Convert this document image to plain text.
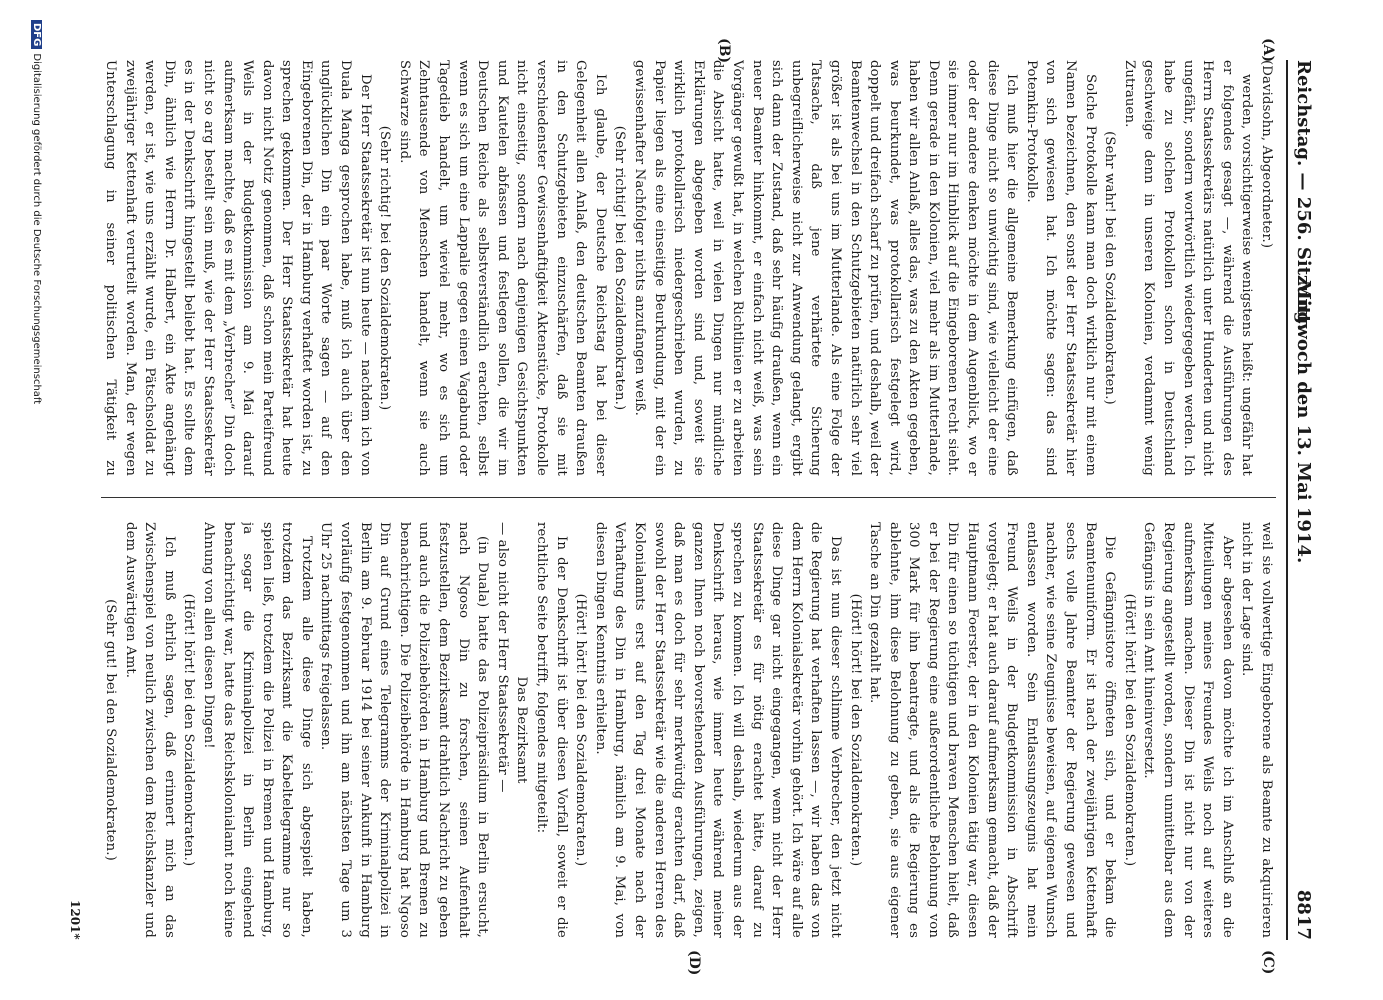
Reichstag. — 256. Sitzung.
Mittwoch den 13. Mai 1914.
8817
(A)
(B)
(C)
(D)

(Davidsohn, Abgeordneter.)

werden, vorsichtigerweise wenigstens heißt: ungefähr hat er folgendes gesagt —, während die Ausführungen des Herrn Staatssekretärs natürlich unter Hunderten und nicht ungefähr, sondern wortwörtlich wiedergegeben werden. Ich habe zu solchen Protokollen schon in Deutschland geschweige denn in unseren Kolonien, verdammt wenig Zutrauen.

(Sehr wahr! bei den Sozialdemokraten.)

Solche Protokolle kann man doch wirklich nur mit einem Namen bezeichnen, den sonst der Herr Staatssekretär hier von sich gewiesen hat. Ich möchte sagen: das sind Potemkin-Protokolle.

Ich muß hier die allgemeine Bemerkung einfügen, daß diese Dinge nicht so unwichtig sind, wie vielleicht der eine oder der andere denken möchte in dem Augenblick, wo er sie immer nur im Hinblick auf die Eingeborenen recht sieht. Denn gerade in den Kolonien, viel mehr als im Mutterlande, haben wir allen Anlaß, alles das, was zu den Akten gegeben, was beurkundet, was protokollarisch festgelegt wird, doppelt und dreifach scharf zu prüfen, und deshalb, weil der Beamtenwechsel in den Schutzgebieten natürlich sehr viel größer ist als bei uns im Mutterlande. Als eine Folge der Tatsache, daß jene verhärtete Sicherung unbegreiflicherweise nicht zur Anwendung gelangt, ergibt sich dann der Zustand, daß sehr häufig draußen, wenn ein neuer Beamter hinkommt, er einfach nicht weiß, was sein Vorgänger gewußt hat, in welchen Richtlinien er zu arbeiten die Absicht hatte, weil in vielen Dingen nur mündliche Erklärungen abgegeben worden sind und, soweit sie wirklich protokollarisch niedergeschrieben wurden, zu Papier liegen als eine einseitige Beurkundung, mit der ein gewissenhafter Nachfolger nichts anzufangen weiß.

(Sehr richtig! bei den Sozialdemokraten.)

Ich glaube, der Deutsche Reichstag hat bei dieser Gelegenheit allen Anlaß, den deutschen Beamten draußen in den Schutzgebieten einzuschärfen, daß sie mit verschiedenster Gewissenhaftigkeit Aktenstücke, Protokolle nicht einseitig, sondern nach denjenigen Gesichtspunkten und Kautelen abfassen und festlegen sollen, die wir im Deutschen Reiche als selbstverständlich erachten, selbst wenn es sich um eine Lappalie gegen einen Vagabund oder Tagedieb handelt, um wieviel mehr, wo es sich um Zehntausende von Menschen handelt, wenn sie auch Schwarze sind.

(Sehr richtig! bei den Sozialdemokraten.)

Der Herr Staatssekretär ist nun heute — nachdem ich von Duala Manga gesprochen habe, muß ich auch über den unglücklichen Din ein paar Worte sagen — auf den Eingeborenen Din, der in Hamburg verhaftet worden ist, zu sprechen gekommen. Der Herr Staatssekretär hat heute davon nicht Notiz genommen, daß schon mein Parteifreund Weils in der Budgetkommission am 9. Mai darauf aufmerksam machte, daß es mit dem „Verbrecher“ Din doch nicht so arg bestellt sein muß, wie der Herr Staatssekretär es in der Denkschrift hingestellt beliebt hat. Es sollte dem Din, ähnlich wie Herrn Dr. Halbert, ein Akte angehängt werden, er ist, wie uns erzählt wurde, ein Pätschsoldat zu zweijähriger Kettenhaft verurteilt worden. Man, der wegen Unterschlagung in seiner politischen Tätigkeit zu

weil sie vollwertige Eingeborene als Beamte zu akquirieren nicht in der Lage sind.

Aber abgesehen davon möchte ich im Anschluß an die Mitteilungen meines Freundes Weils noch auf weiteres aufmerksam machen. Dieser Din ist nicht nur von der Regierung angestellt worden, sondern unmittelbar aus dem Gefängnis in sein Amt hineinversetzt.

(Hört! hört! bei den Sozialdemokraten.)

Die Gefängnistore öffneten sich, und er bekam die Beamtenuniform. Er ist nach der zweijährigen Kettenhaft sechs volle Jahre Beamter der Regierung gewesen und nachher, wie seine Zeugnisse beweisen, auf eigenen Wunsch entlassen worden. Sein Entlassungszeugnis hat mein Freund Weils in der Budgetkommission in Abschrift vorgelegt; er hat auch darauf aufmerksam gemacht, daß der Hauptmann Foerster, der in den Kolonien tätig war, diesen Din für einen so tüchtigen und braven Menschen hielt, daß er bei der Regierung eine außerordentliche Belohnung von 300 Mark für ihn beantragte, und als die Regierung es ablehnte, ihm diese Belohnung zu geben, sie aus eigener Tasche an Din gezahlt hat.

(Hört! hört! bei den Sozialdemokraten.)

Das ist nun dieser schlimme Verbrecher, den jetzt nicht die Regierung hat verhaften lassen —, wir haben das von dem Herrn Kolonialsekretär vorhin gehört. Ich wäre auf alle diese Dinge gar nicht eingegangen, wenn nicht der Herr Staatssekretär es für nötig erachtet hätte, darauf zu sprechen zu kommen. Ich will deshalb, wiederum aus der Denkschrift heraus, wie immer heute während meiner ganzen Ihnen noch bevorstehenden Ausführungen, zeigen, daß man es doch für sehr merkwürdig erachten darf, daß sowohl der Herr Staatssekretär wie die anderen Herren des Kolonialamts erst auf den Tag drei Monate nach der Verhaftung des Din in Hamburg, nämlich am 9. Mai, von diesen Dingen Kenntnis erhielten.

(Hört! hört! bei den Sozialdemokraten.)

In der Denkschrift ist über diesen Vorfall, soweit er die rechtliche Seite betrifft, folgendes mitgeteilt:

Das Bezirksamt

— also nicht der Herr Staatssekretär —

(in Duala) hatte das Polizeipräsidium in Berlin ersucht, nach Ngoso Din zu forschen, seinen Aufenthalt festzustellen, dem Bezirksamt drahtlich Nachricht zu geben und auch die Polizeibehörden in Hamburg und Bremen zu benachrichtigen. Die Polizeibehörde in Hamburg hat Ngoso Din auf Grund eines Telegramms der Kriminalpolizei in Berlin am 9. Februar 1914 bei seiner Ankunft in Hamburg vorläufig festgenommen und ihn am nächsten Tage um 3 Uhr 25 nachmittags freigelassen.

Trotzdem alle diese Dinge sich abgespielt haben, trotzdem das Bezirksamt die Kabeltelegramme nur so spielen ließ, trotzdem die Polizei in Bremen und Hamburg, ja sogar die Kriminalpolizei in Berlin eingehend benachrichtigt war, hatte das Reichskolonialamt noch keine Ahnung von allen diesen Dingen!

(Hört! hört! bei den Sozialdemokraten.)

Ich muß ehrlich sagen, daß erinnert mich an das Zwischenspiel von neulich zwischen dem Reichskanzler und dem Auswärtigen Amt.

(Sehr gut! bei den Sozialdemokraten.)

1201*
DFGDigitalisierung gefördert durch die Deutsche Forschungsgemeinschaft
